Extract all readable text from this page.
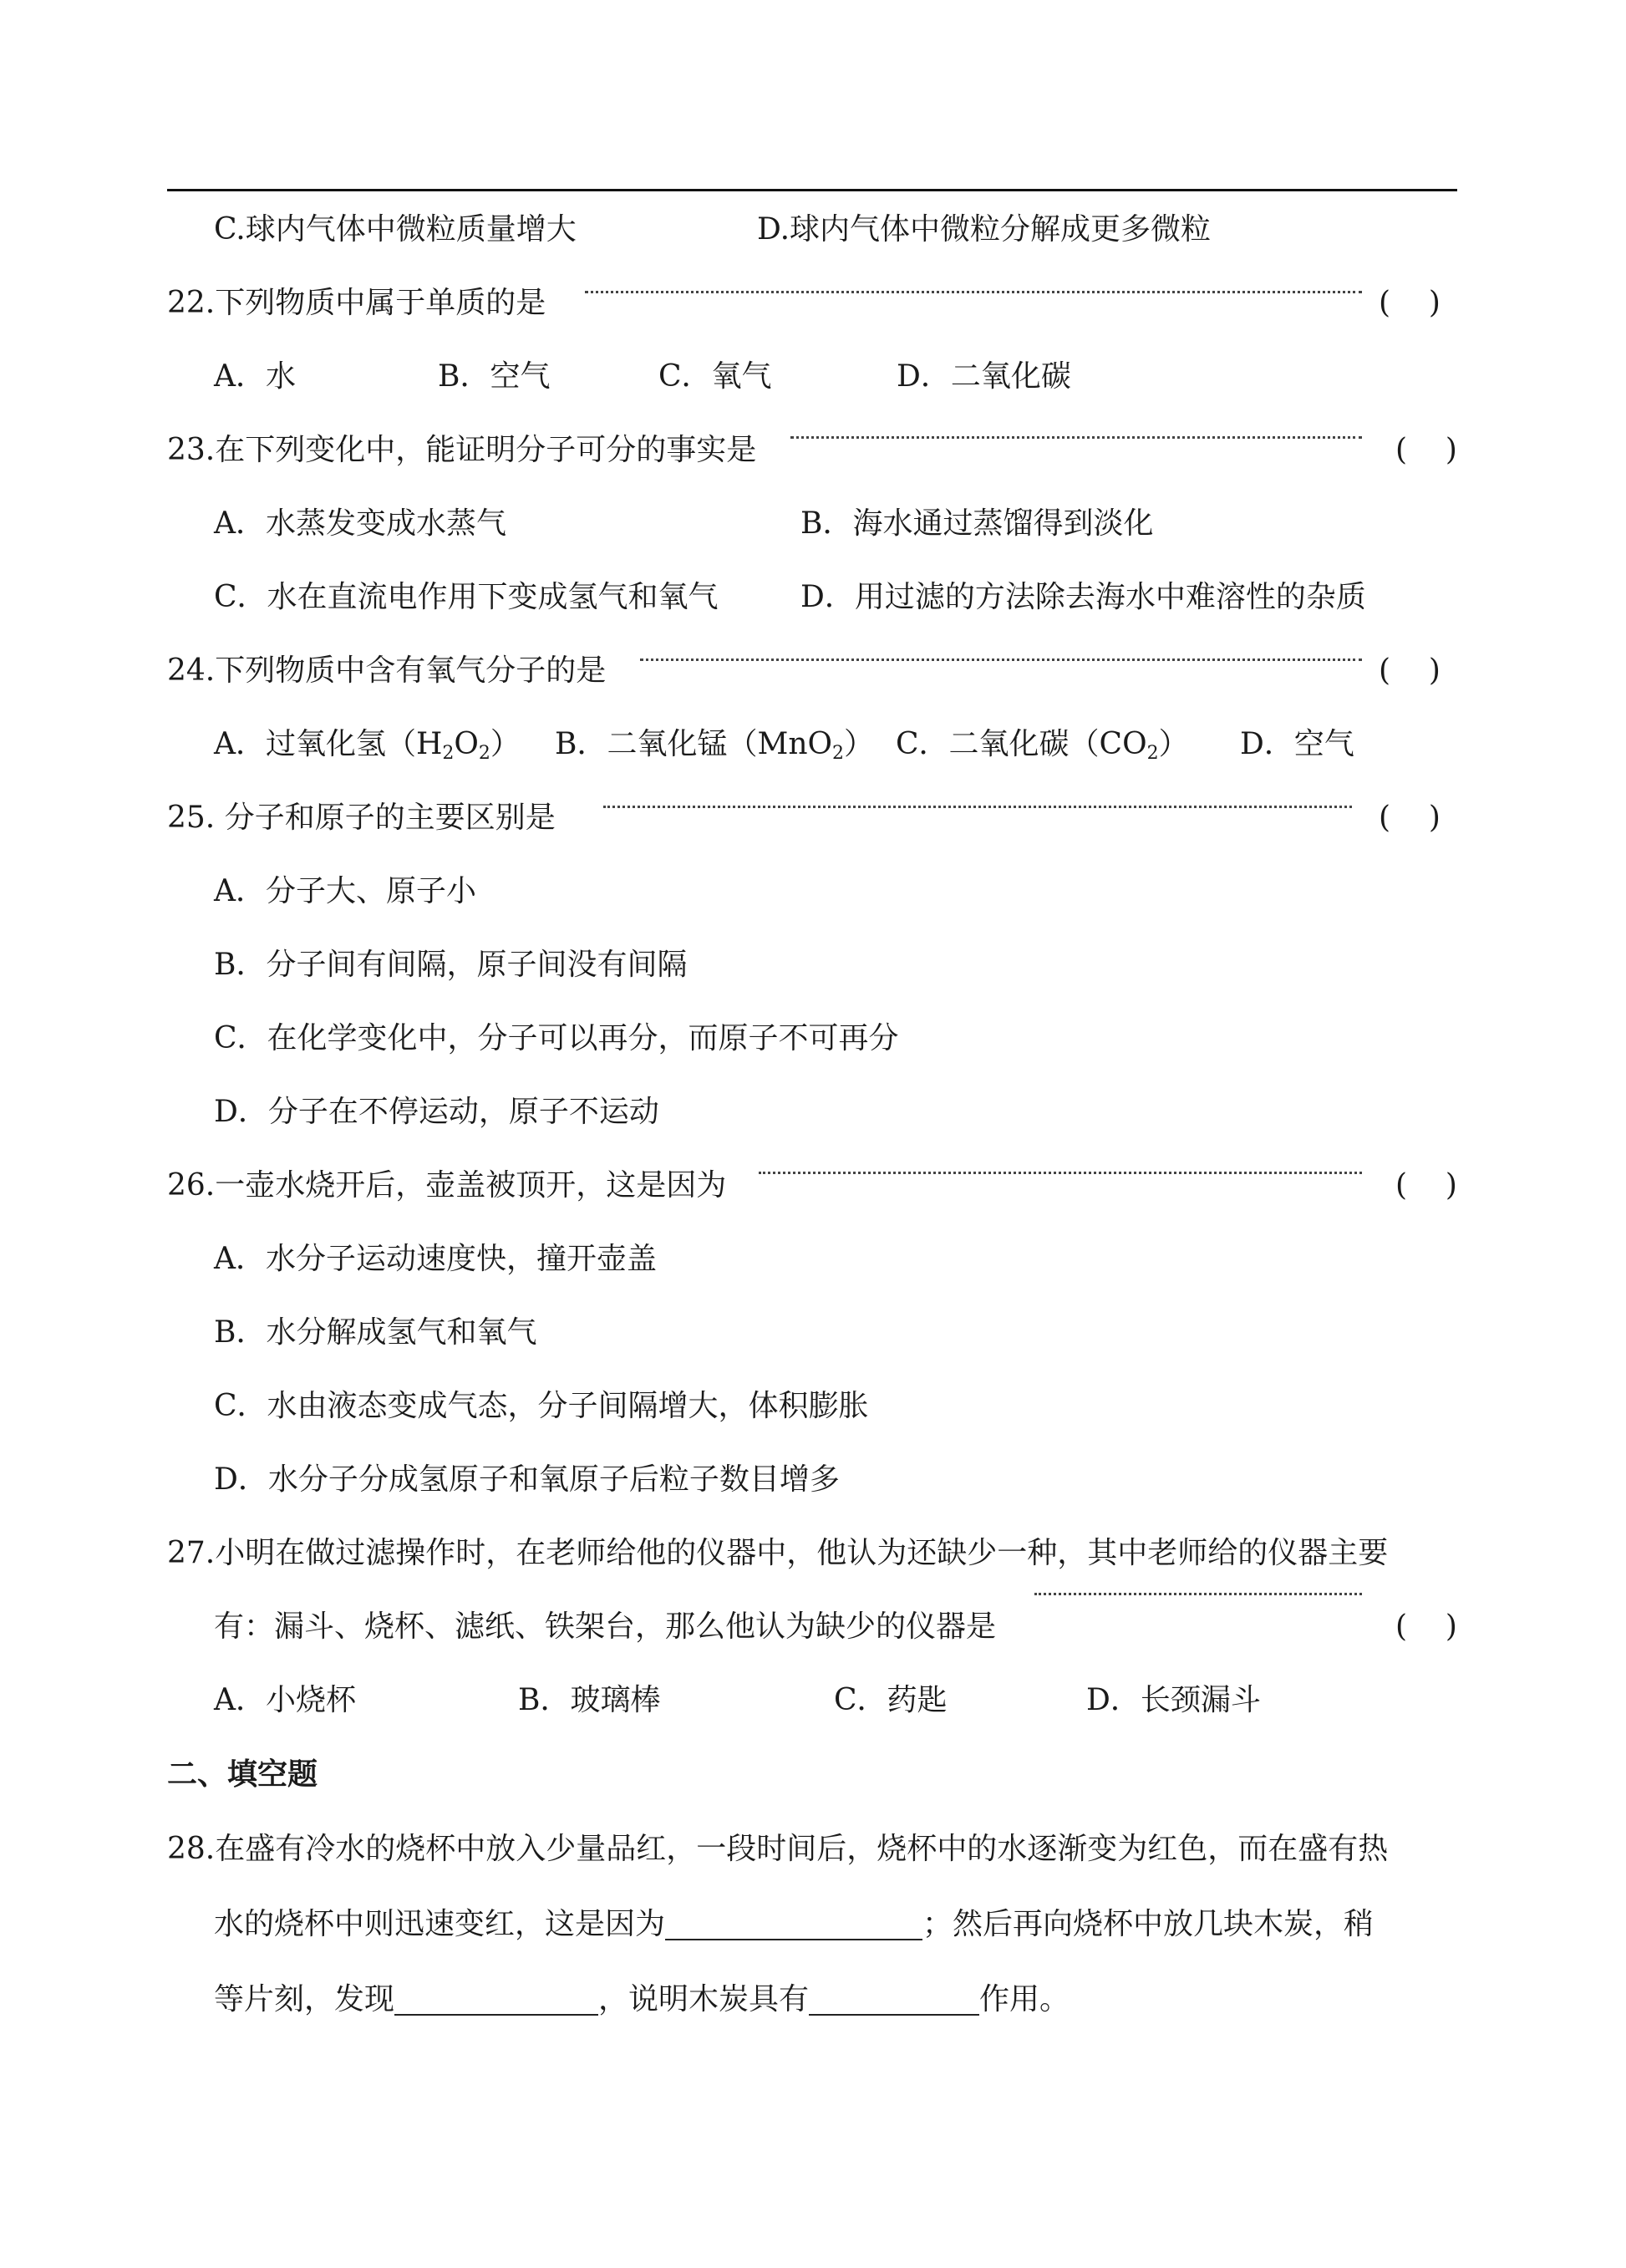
C.球内气体中微粒质量增大	D.球内气体中微粒分解成更多微粒
22.下列物质中属于单质的是	(    )
A．水	B．空气	C．氧气	D．二氧化碳
23.在下列变化中，能证明分子可分的事实是	(    )
A．水蒸发变成水蒸气	B．海水通过蒸馏得到淡化
C．水在直流电作用下变成氢气和氧气	D．用过滤的方法除去海水中难溶性的杂质
24.下列物质中含有氧气分子的是	(    )
A．过氧化氢$(H_2O_2)$ B．二氧化锰（MnO$_2$） C．二氧化碳$(CO_2)$ D．空气
25. 分子和原子的主要区别是	(    )
A．分子大、原子小
B．分子间有间隔，原子间没有间隔
C．在化学变化中，分子可以再分，而原子不可再分
D．分子在不停运动，原子不运动
26.一壶水烧开后，壶盖被顶开，这是因为	(    )
A．水分子运动速度快，撞开壶盖
B．水分解成氢气和氧气
C．水由液态变成气态，分子间隔增大，体积膨胀
D．水分子分成氢原子和氧原子后粒子数目增多
27.小明在做过滤操作时，在老师给他的仪器中，他认为还缺少一种，其中老师给的仪器主要
有：漏斗、烧杯、滤纸、铁架台，那么他认为缺少的仪器是	(    )
A．小烧杯	B．玻璃棒	C．药匙	D．长颈漏斗
二、填空题
28.在盛有冷水的烧杯中放入少量品红，一段时间后，烧杯中的水逐渐变为红色，而在盛有热
水的烧杯中则迅速变红，这是因为	；然后再向烧杯中放几块木炭，稍
等片刻，发现	，说明木炭具有	作用。
